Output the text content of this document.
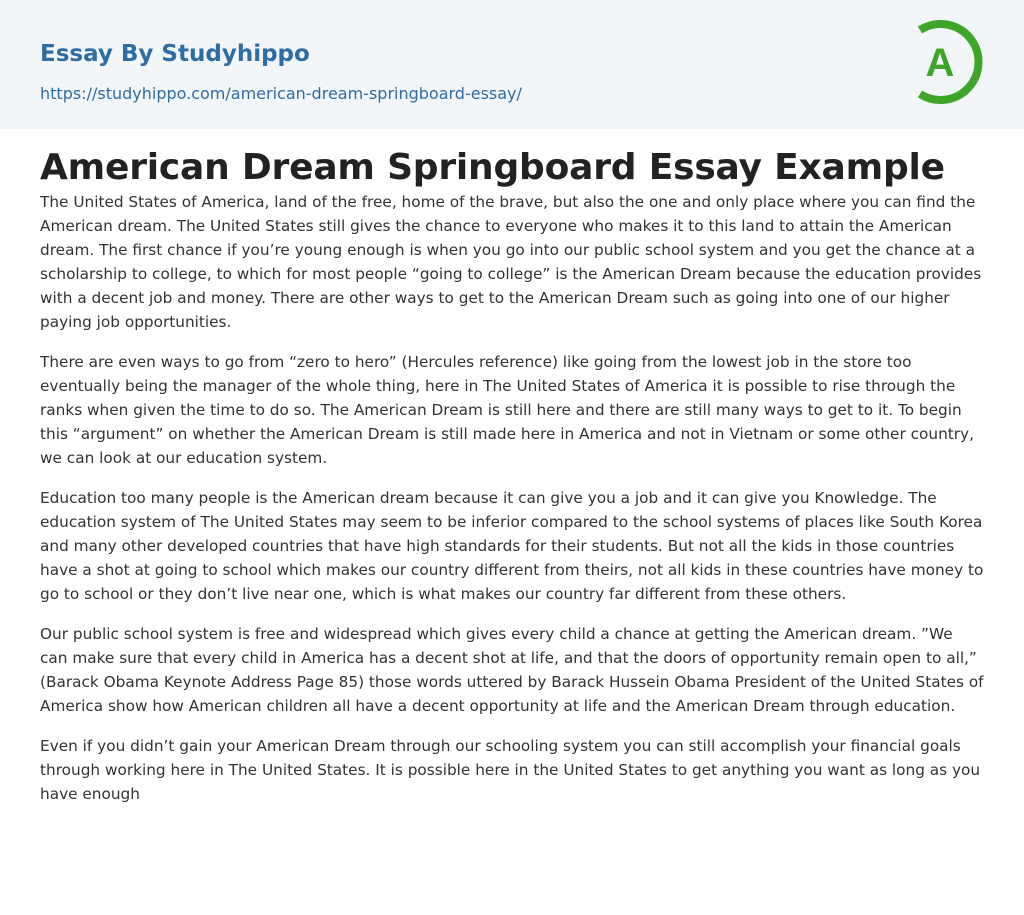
Essay By Studyhippo
https://studyhippo.com/american-dream-springboard-essay/
A
American Dream Springboard Essay Example

The United States of America, land of the free, home of the brave, but also the one and only place where you can find the American dream. The United States still gives the chance to everyone who makes it to this land to attain the American dream. The first chance if you’re young enough is when you go into our public school system and you get the chance at a scholarship to college, to which for most people “going to college” is the American Dream because the education provides with a decent job and money. There are other ways to get to the American Dream such as going into one of our higher paying job opportunities.

There are even ways to go from “zero to hero” (Hercules reference) like going from the lowest job in the store too eventually being the manager of the whole thing, here in The United States of America it is possible to rise through the ranks when given the time to do so. The American Dream is still here and there are still many ways to get to it. To begin this “argument” on whether the American Dream is still made here in America and not in Vietnam or some other country, we can look at our education system.

Education too many people is the American dream because it can give you a job and it can give you Knowledge. The education system of The United States may seem to be inferior compared to the school systems of places like South Korea and many other developed countries that have high standards for their students. But not all the kids in those countries have a shot at going to school which makes our country different from theirs, not all kids in these countries have money to go to school or they don’t live near one, which is what makes our country far different from these others.

Our public school system is free and widespread which gives every child a chance at getting the American dream. ”We can make sure that every child in America has a decent shot at life, and that the doors of opportunity remain open to all,” (Barack Obama Keynote Address Page 85) those words uttered by Barack Hussein Obama President of the United States of America show how American children all have a decent opportunity at life and the American Dream through education.

Even if you didn’t gain your American Dream through our schooling system you can still accomplish your financial goals through working here in The United States. It is possible here in the United States to get anything you want as long as you have enough
